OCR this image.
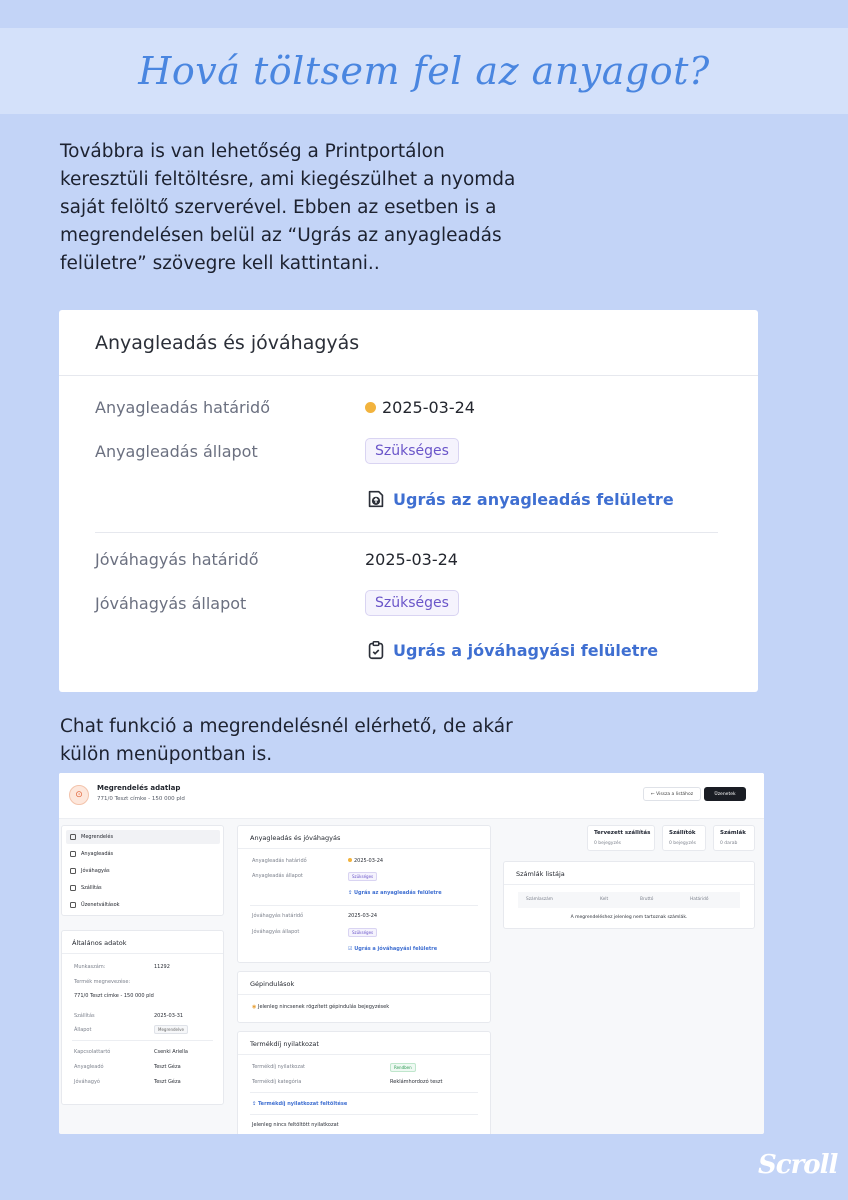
Hová töltsem fel az anyagot?

Továbbra is van lehetőség a Printportálon keresztüli feltöltésre, ami kiegészülhet a nyomda saját felöltő szerverével. Ebben az esetben is a megrendelésen belül az “Ugrás az anyagleadás felületre” szövegre kell kattintani..

Anyagleadás és jóváhagyás
Anyagleadás határidő	2025-03-24
Anyagleadás állapot	Szükséges
Ugrás az anyagleadás felületre
Jóváhagyás határidő	2025-03-24
Jóváhagyás állapot	Szükséges
Ugrás a jóváhagyási felületre

Chat funkció a megrendelésnél elérhető, de akár külön menüpontban is.

⊙
Megrendelés adatlap
771/0 Teszt címke - 150 000 pld
← Vissza a listához	Üzenetek
Megrendelés
Anyagleadás
Jóváhagyás
Szállítás
Üzenetváltások
Általános adatok
Munkaszám:	11292
Termék megnevezése:
771/0 Teszt címke - 150 000 pld
Szállítás	2025-03-31
Állapot	Megrendelve
Kapcsolattartó	Csenki Ariella
Anyagleadó	Teszt Géza
Jóváhagyó	Teszt Géza
Anyagleadás és jóváhagyás
Anyagleadás határidő	2025-03-24
Anyagleadás állapot	Szükséges
⇪ Ugrás az anyagleadás felületre
Jóváhagyás határidő	2025-03-24
Jóváhagyás állapot	Szükséges
☑ Ugrás a jóváhagyási felületre
Gépindulások
◉ Jelenleg nincsenek rögzített gépindulás bejegyzések
Termékdíj nyilatkozat
Termékdíj nyilatkozat	Rendben
Termékdíj kategória	Reklámhordozó teszt
⇪ Termékdíj nyilatkozat feltöltése
Jelenleg nincs feltöltött nyilatkozat
Tervezett szállítás
0 bejegyzés
Szállítók
0 bejegyzés
Számlák
0 darab
Számlák listája
Számlaszám	Kelt	Bruttó	Határidő
A megrendeléshez jelenleg nem tartoznak számlák.
Scroll
